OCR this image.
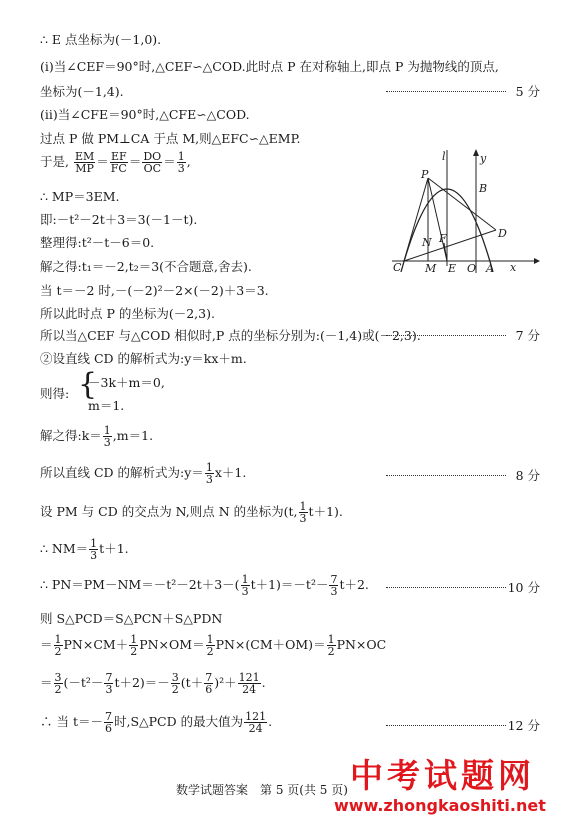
∴ E 点坐标为(－1,0).
(ⅰ)当∠CEF＝90°时,△CEF∽△COD.此时点 P 在对称轴上,即点 P 为抛物线的顶点,
坐标为(－1,4).	5 分
(ⅱ)当∠CFE＝90°时,△CFE∽△COD.
过点 P 做 PM⊥CA 于点 M,则△EFC∽△EMP.
于是, $\frac{EM}{MP} = \frac{EF}{FC} = \frac{DO}{OC} = \frac{1}{3}$ ,
∴ MP＝3EM.
即:－t²－2t＋3＝3(－1－t).
整理得:t²－t－6＝0.
解之得:t₁＝－2,t₂＝3(不合题意,舍去).
当 t＝－2 时,－(－2)²－2×(－2)＋3＝3.
所以此时点 P 的坐标为(－2,3).
所以当△CEF 与△COD 相似时,P 点的坐标分别为:(－1,4)或(－2,3).	7 分
②设直线 CD 的解析式为:y＝kx＋m.
则得: {
－3k＋m＝0,
m＝1.
解之得:k＝ $\frac{1}{3} ,m=1$.
所以直线 CD 的解析式为:y＝ $\frac{1}{3} x+1$.	8 分
设 PM 与 CD 的交点为 N,则点 N 的坐标为(t, $\frac{1}{3} t+1$).
∴ $NM= \frac{1}{3} t+1$.
∴ $PN=PM-NM=-t^2-2t+3-( \frac{1}{3} t+1)=-t^2- \frac{7}{3} t+2$.	10 分
则 S△PCD＝S△PCN＋S△PDN
＝ $\frac{1}{2} PN\times CM+ \frac{1}{2} PN\times OM= \frac{1}{2} PN\times(CM+OM)= \frac{1}{2} PN\times OC$
＝ $\frac{3}{2} (-t^2- \frac{7}{3} t+2)=- \frac{3}{2} (t+ \frac{7}{6} )^2+ \frac{121}{24}$ .
∴ 当 $t=- \frac{7}{6}$ 时,S△PCD 的最大值为 $\frac{121}{24}$ .	12 分
l	y
x
P
B
N F	D
C M E O A
数学试题答案　第 5 页(共 5 页) 中考试题网
www.zhongkaoshiti.net
